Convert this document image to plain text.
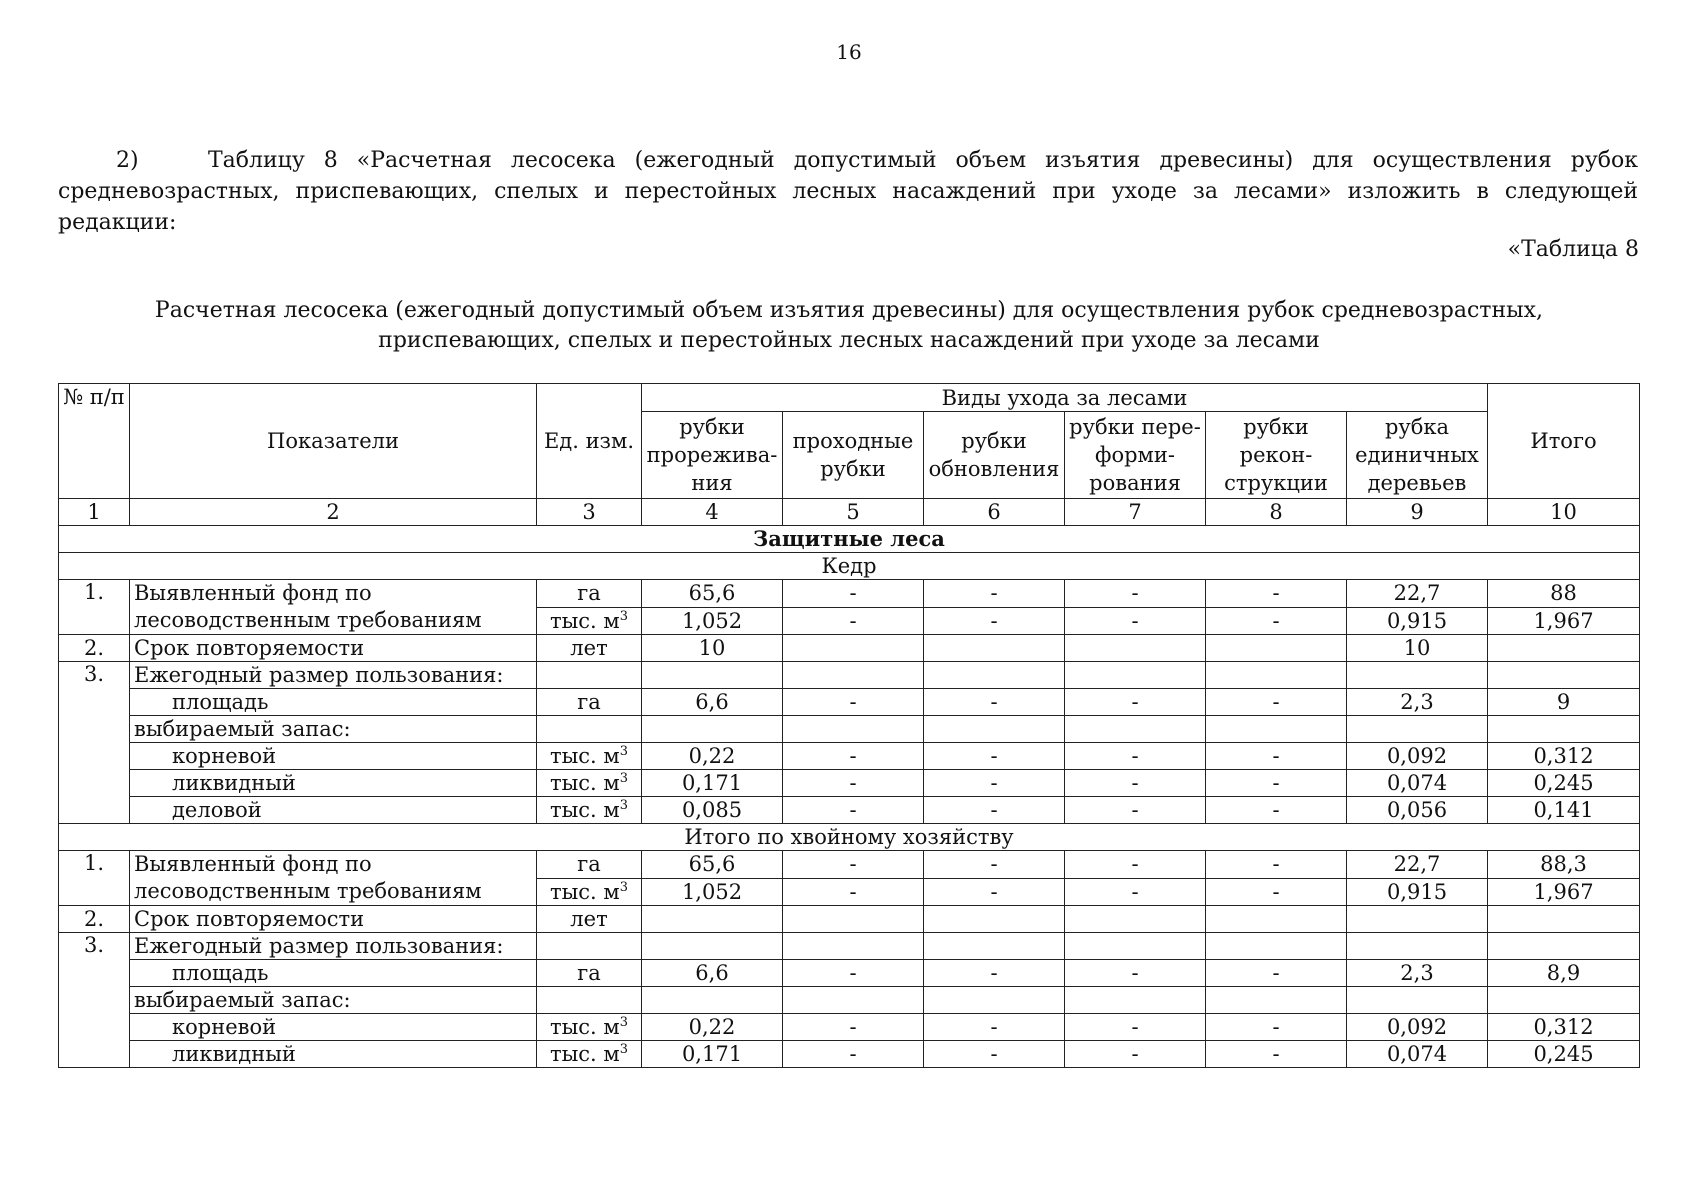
16
2)	Таблицу 8 «Расчетная лесосека (ежегодный допустимый объем изъятия древесины) для осуществления рубок средневозрастных, приспевающих, спелых и перестойных лесных насаждений при уходе за лесами» изложить в следующей редакции:
«Таблица 8
Расчетная лесосека (ежегодный допустимый объем изъятия древесины) для осуществления рубок средневозрастных,
приспевающих, спелых и перестойных лесных насаждений при уходе за лесами
№ п/п	Показатели	Ед. изм.	Виды ухода за лесами						Итого
			рубки прорежива-ния	проходные рубки	рубки обновления	рубки пере-форми-рования	рубки рекон-струкции	рубка единичных деревьев	
1	2	3	4	5	6	7	8	9	10
Защитные леса									
Кедр									
1.	Выявленный фонд по лесоводственным требованиям	га	65,6	-	-	-	-	22,7	88
		тыс. $м^3$	1,052	-	-	-	-	0,915	1,967
2.	Срок повторяемости	лет	10					10	
3.	Ежегодный размер пользования:								
	площадь	га	6,6	-	-	-	-	2,3	9
	выбираемый запас:								
	корневой	тыс. $м^3$	0,22	-	-	-	-	0,092	0,312
	ликвидный	тыс. $м^3$	0,171	-	-	-	-	0,074	0,245
	деловой	тыс. $м^3$	0,085	-	-	-	-	0,056	0,141
Итого по хвойному хозяйству									
1.	Выявленный фонд по лесоводственным требованиям	га	65,6	-	-	-	-	22,7	88,3
		тыс. $м^3$	1,052	-	-	-	-	0,915	1,967
2.	Срок повторяемости	лет							
3.	Ежегодный размер пользования:								
	площадь	га	6,6	-	-	-	-	2,3	8,9
	выбираемый запас:								
	корневой	тыс. $м^3$	0,22	-	-	-	-	0,092	0,312
	ликвидный	тыс. $м^3$	0,171	-	-	-	-	0,074	0,245
